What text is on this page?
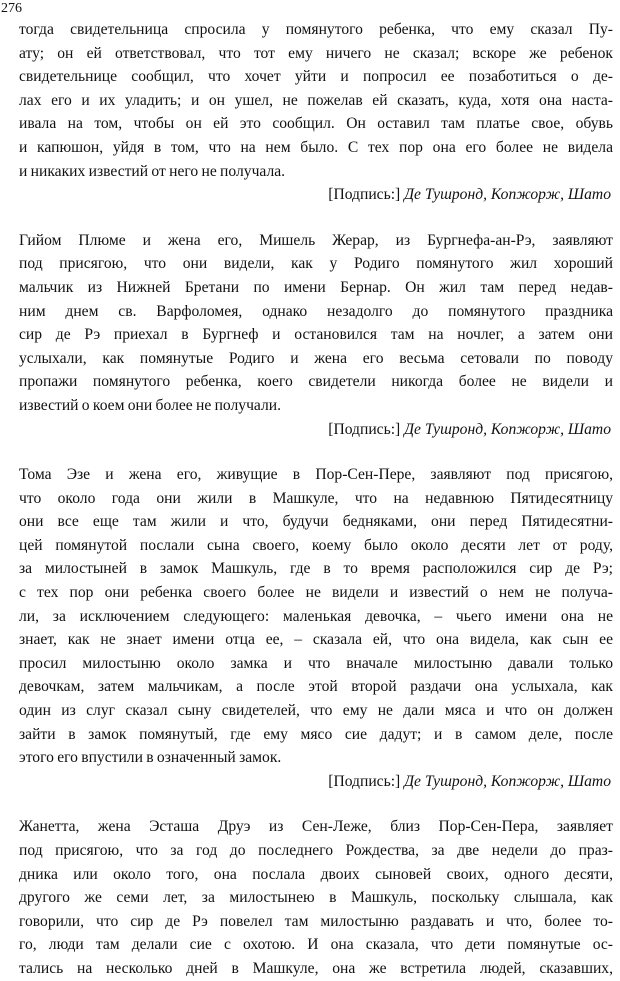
276
тогда свидетельница спросила у помянутого ребенка, что ему сказал Пу-
ату; он ей ответствовал, что тот ему ничего не сказал; вскоре же ребенок
свидетельнице сообщил, что хочет уйти и попросил ее позаботиться о де-
лах его и их уладить; и он ушел, не пожелав ей сказать, куда, хотя она наста-
ивала на том, чтобы он ей это сообщил. Он оставил там платье свое, обувь
и капюшон, уйдя в том, что на нем было. С тех пор она его более не видела
и никаких известий от него не получала.
[Подпись:] Де Тушронд, Копжорж, Шато
Гийом Плюме и жена его, Мишель Жерар, из Бургнефа-ан-Рэ, заявляют
под присягою, что они видели, как у Родиго помянутого жил хороший
мальчик из Нижней Бретани по имени Бернар. Он жил там перед недав-
ним днем св. Варфоломея, однако незадолго до помянутого праздника
сир де Рэ приехал в Бургнеф и остановился там на ночлег, а затем они
услыхали, как помянутые Родиго и жена его весьма сетовали по поводу
пропажи помянутого ребенка, коего свидетели никогда более не видели и
известий о коем они более не получали.
[Подпись:] Де Тушронд, Копжорж, Шато
Тома Эзе и жена его, живущие в Пор-Сен-Пере, заявляют под присягою,
что около года они жили в Машкуле, что на недавнюю Пятидесятницу
они все еще там жили и что, будучи бедняками, они перед Пятидесятни-
цей помянутой послали сына своего, коему было около десяти лет от роду,
за милостыней в замок Машкуль, где в то время расположился сир де Рэ;
с тех пор они ребенка своего более не видели и известий о нем не получа-
ли, за исключением следующего: маленькая девочка, – чьего имени она не
знает, как не знает имени отца ее, – сказала ей, что она видела, как сын ее
просил милостыню около замка и что вначале милостыню давали только
девочкам, затем мальчикам, а после этой второй раздачи она услыхала, как
один из слуг сказал сыну свидетелей, что ему не дали мяса и что он должен
зайти в замок помянутый, где ему мясо сие дадут; и в самом деле, после
этого его впустили в означенный замок.
[Подпись:] Де Тушронд, Копжорж, Шато
Жанетта, жена Эсташа Друэ из Сен-Леже, близ Пор-Сен-Пера, заявляет
под присягою, что за год до последнего Рождества, за две недели до праз-
дника или около того, она послала двоих сыновей своих, одного десяти,
другого же семи лет, за милостынею в Машкуль, поскольку слышала, как
говорили, что сир де Рэ повелел там милостыню раздавать и что, более то-
го, люди там делали сие с охотою. И она сказала, что дети помянутые ос-
тались на несколько дней в Машкуле, она же встретила людей, сказавших,
